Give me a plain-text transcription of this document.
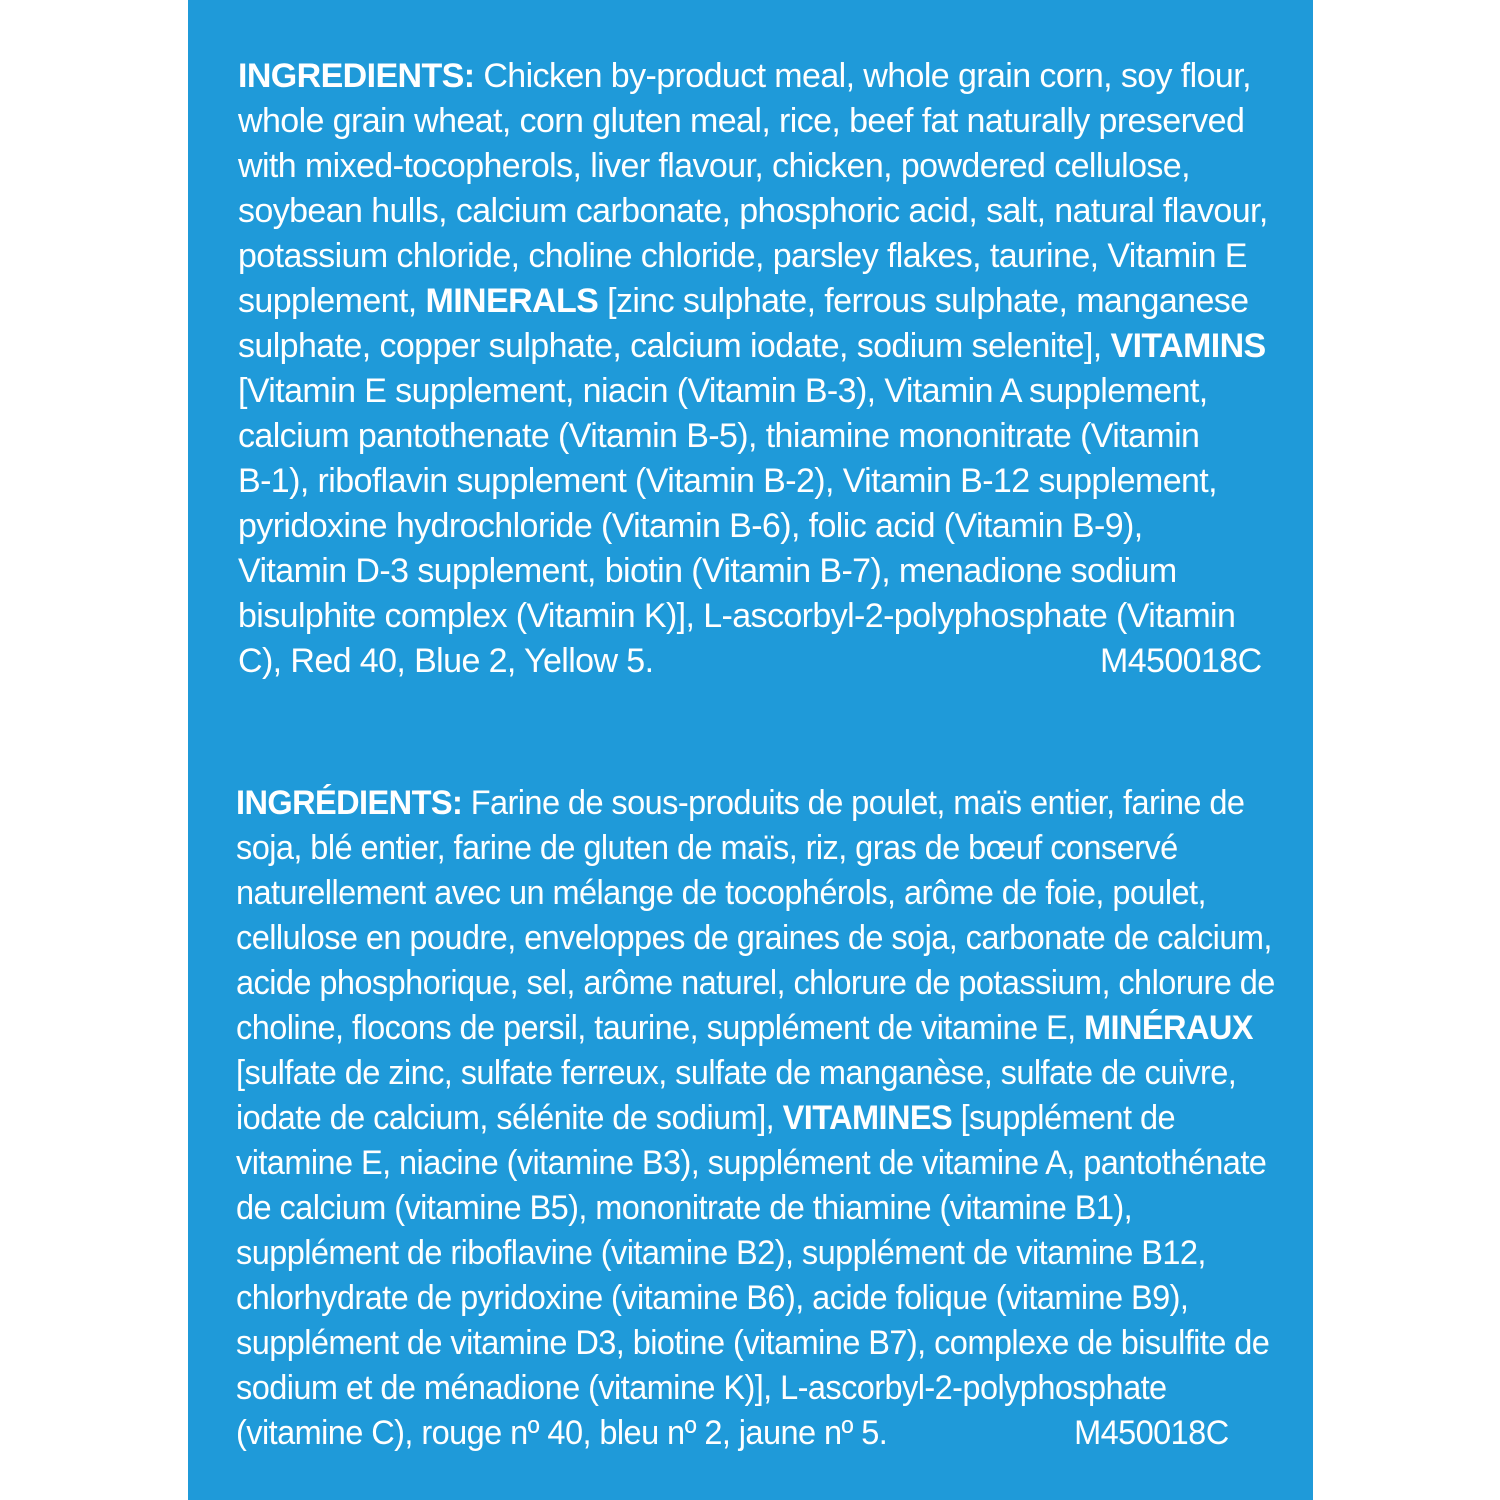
INGREDIENTS: Chicken by-product meal, whole grain corn, soy flour,
whole grain wheat, corn gluten meal, rice, beef fat naturally preserved
with mixed-tocopherols, liver flavour, chicken, powdered cellulose,
soybean hulls, calcium carbonate, phosphoric acid, salt, natural flavour,
potassium chloride, choline chloride, parsley flakes, taurine, Vitamin E
supplement, MINERALS [zinc sulphate, ferrous sulphate, manganese
sulphate, copper sulphate, calcium iodate, sodium selenite], VITAMINS
[Vitamin E supplement, niacin (Vitamin B-3), Vitamin A supplement,
calcium pantothenate (Vitamin B-5), thiamine mononitrate (Vitamin
B-1), riboflavin supplement (Vitamin B-2), Vitamin B-12 supplement,
pyridoxine hydrochloride (Vitamin B-6), folic acid (Vitamin B-9),
Vitamin D-3 supplement, biotin (Vitamin B-7), menadione sodium
bisulphite complex (Vitamin K)], L-ascorbyl-2-polyphosphate (Vitamin
C), Red 40, Blue 2, Yellow 5.	M450018C
INGRÉDIENTS: Farine de sous-produits de poulet, maïs entier, farine de
soja, blé entier, farine de gluten de maïs, riz, gras de bœuf conservé
naturellement avec un mélange de tocophérols, arôme de foie, poulet,
cellulose en poudre, enveloppes de graines de soja, carbonate de calcium,
acide phosphorique, sel, arôme naturel, chlorure de potassium, chlorure de
choline, flocons de persil, taurine, supplément de vitamine E, MINÉRAUX
[sulfate de zinc, sulfate ferreux, sulfate de manganèse, sulfate de cuivre,
iodate de calcium, sélénite de sodium], VITAMINES [supplément de
vitamine E, niacine (vitamine B3), supplément de vitamine A, pantothénate
de calcium (vitamine B5), mononitrate de thiamine (vitamine B1),
supplément de riboflavine (vitamine B2), supplément de vitamine B12,
chlorhydrate de pyridoxine (vitamine B6), acide folique (vitamine B9),
supplément de vitamine D3, biotine (vitamine B7), complexe de bisulfite de
sodium et de ménadione (vitamine K)], L-ascorbyl-2-polyphosphate
(vitamine C), rouge nº 40, bleu nº 2, jaune nº 5.	M450018C
